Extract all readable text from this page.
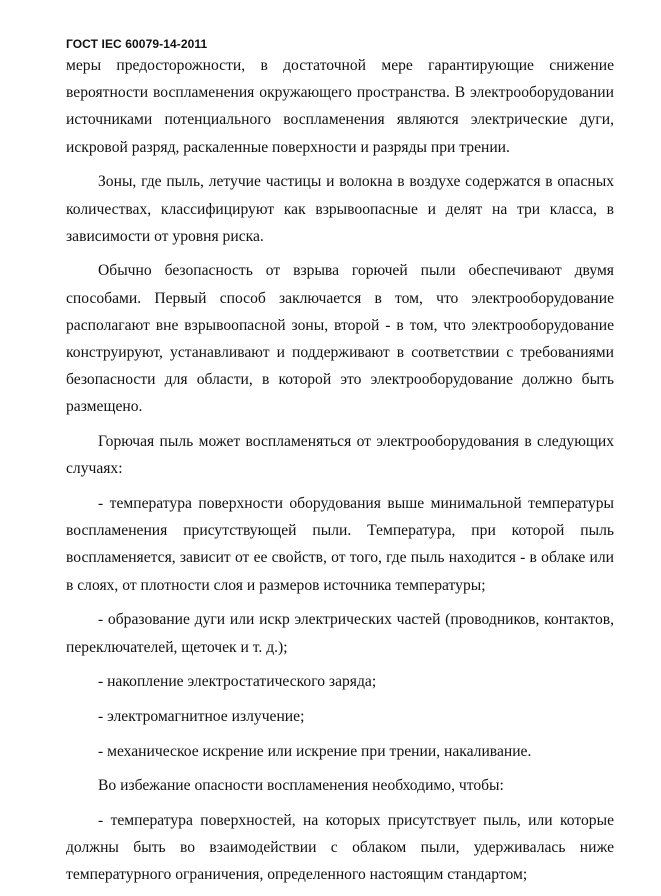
ГОСТ IEC 60079-14-2011

меры предосторожности, в достаточной мере гарантирующие снижение вероятности воспламенения окружающего пространства. В электрооборудовании источниками потенциального воспламенения являются электрические дуги, искровой разряд, раскаленные поверхности и разряды при трении.

Зоны, где пыль, летучие частицы и волокна в воздухе содержатся в опасных количествах, классифицируют как взрывоопасные и делят на три класса, в зависимости от уровня риска.

Обычно безопасность от взрыва горючей пыли обеспечивают двумя способами. Первый способ заключается в том, что электрооборудование располагают вне взрывоопасной зоны, второй - в том, что электрооборудование конструируют, устанавливают и поддерживают в соответствии с требованиями безопасности для области, в которой это электрооборудование должно быть размещено.

Горючая пыль может воспламеняться от электрооборудования в следующих случаях:

- температура поверхности оборудования выше минимальной температуры воспламенения присутствующей пыли. Температура, при которой пыль воспламеняется, зависит от ее свойств, от того, где пыль находится - в облаке или в слоях, от плотности слоя и размеров источника температуры;

- образование дуги или искр электрических частей (проводников, контактов, переключателей, щеточек и т. д.);

- накопление электростатического заряда;

- электромагнитное излучение;

- механическое искрение или искрение при трении, накаливание.

Во избежание опасности воспламенения необходимо, чтобы:

- температура поверхностей, на которых присутствует пыль, или которые должны быть во взаимодействии с облаком пыли, удерживалась ниже температурного ограничения, определенного настоящим стандартом;
